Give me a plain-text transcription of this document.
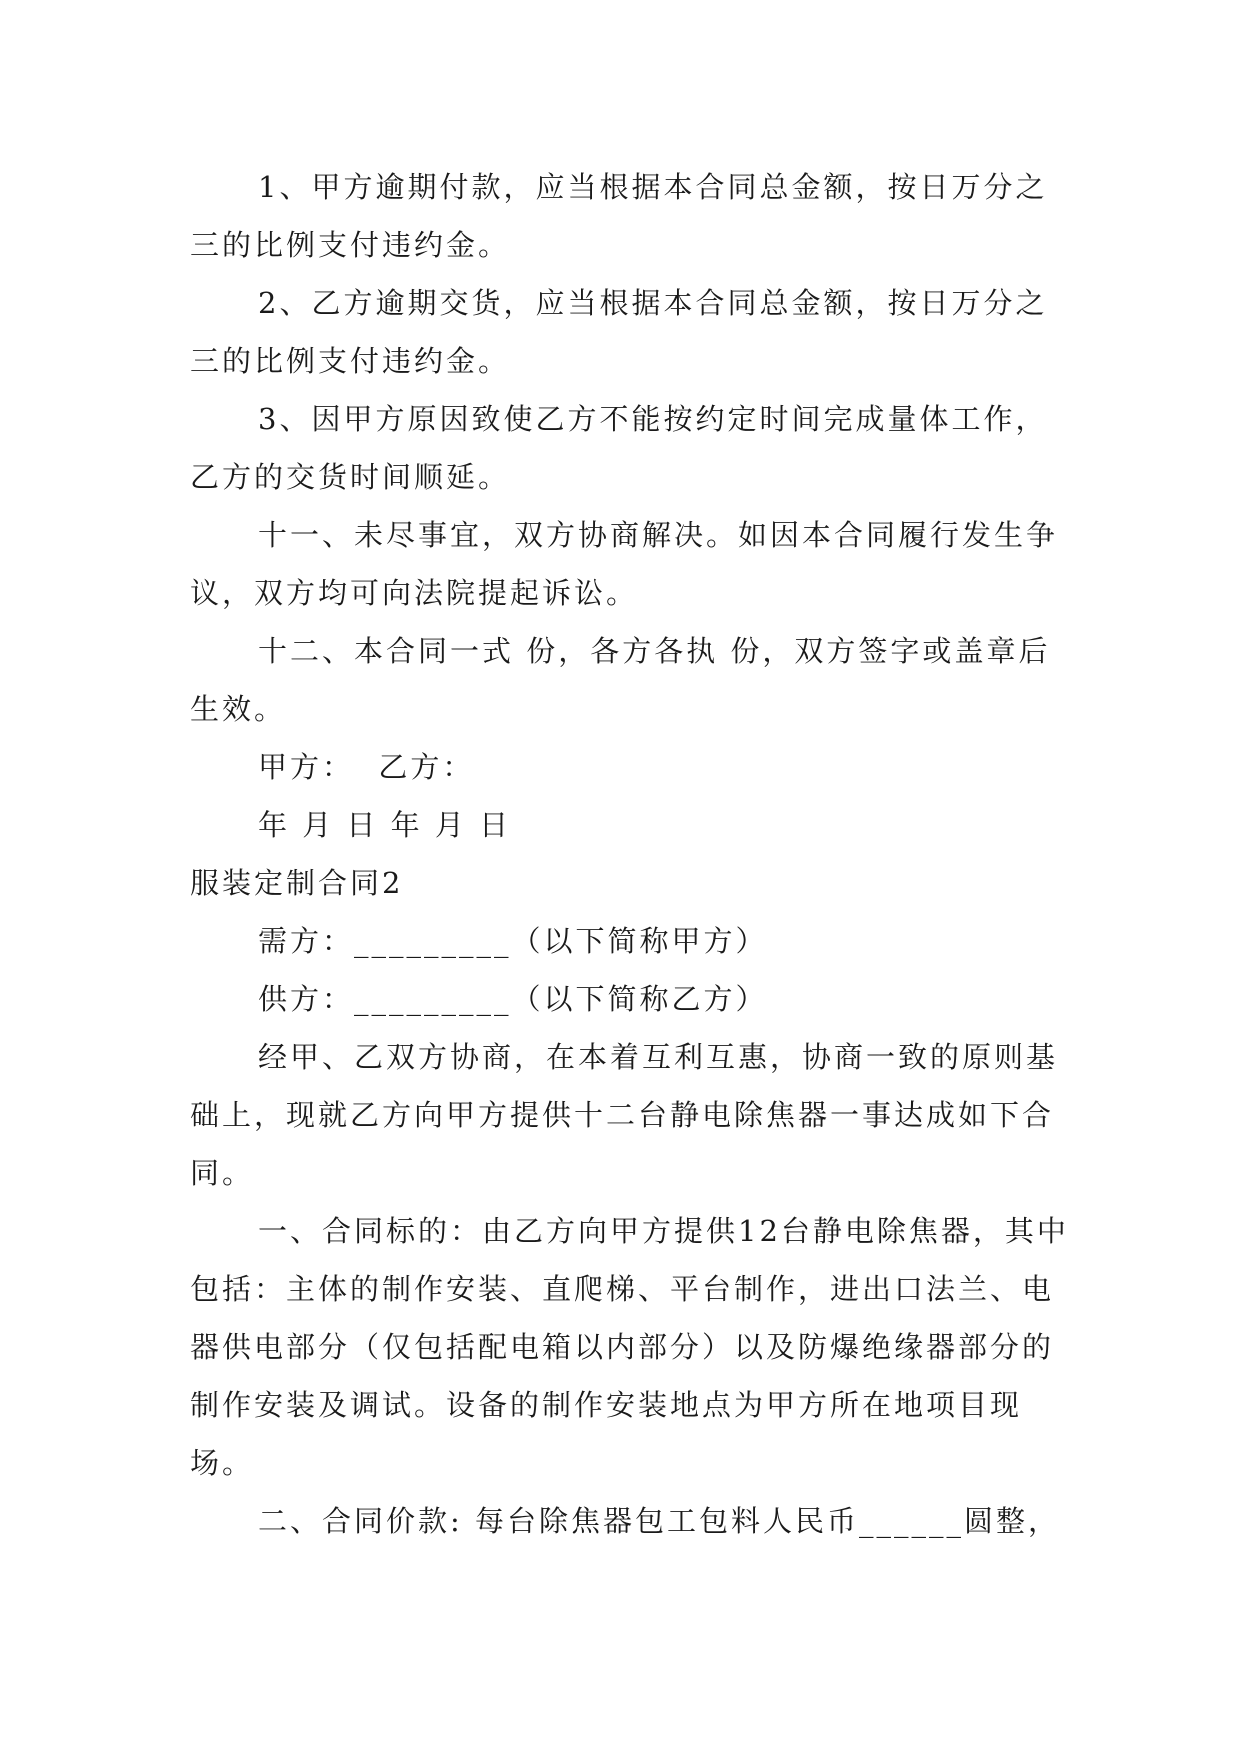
1、甲方逾期付款，应当根据本合同总金额，按日万分之三的比例支付违约金。

2、乙方逾期交货，应当根据本合同总金额，按日万分之三的比例支付违约金。

3、因甲方原因致使乙方不能按约定时间完成量体工作，乙方的交货时间顺延。

十一、未尽事宜，双方协商解决。如因本合同履行发生争议，双方均可向法院提起诉讼。

十二、本合同一式 份，各方各执 份，双方签字或盖章后生效。

甲方：  乙方：

年 月 日 年 月 日

服装定制合同2

需方：_________（以下简称甲方）

供方：_________（以下简称乙方）

经甲、乙双方协商，在本着互利互惠，协商一致的原则基础上，现就乙方向甲方提供十二台静电除焦器一事达成如下合同。

一、合同标的：由乙方向甲方提供12台静电除焦器，其中包括：主体的制作安装、直爬梯、平台制作，进出口法兰、电器供电部分（仅包括配电箱以内部分）以及防爆绝缘器部分的制作安装及调试。设备的制作安装地点为甲方所在地项目现场。

二、合同价款: 每台除焦器包工包料人民币______圆整，
